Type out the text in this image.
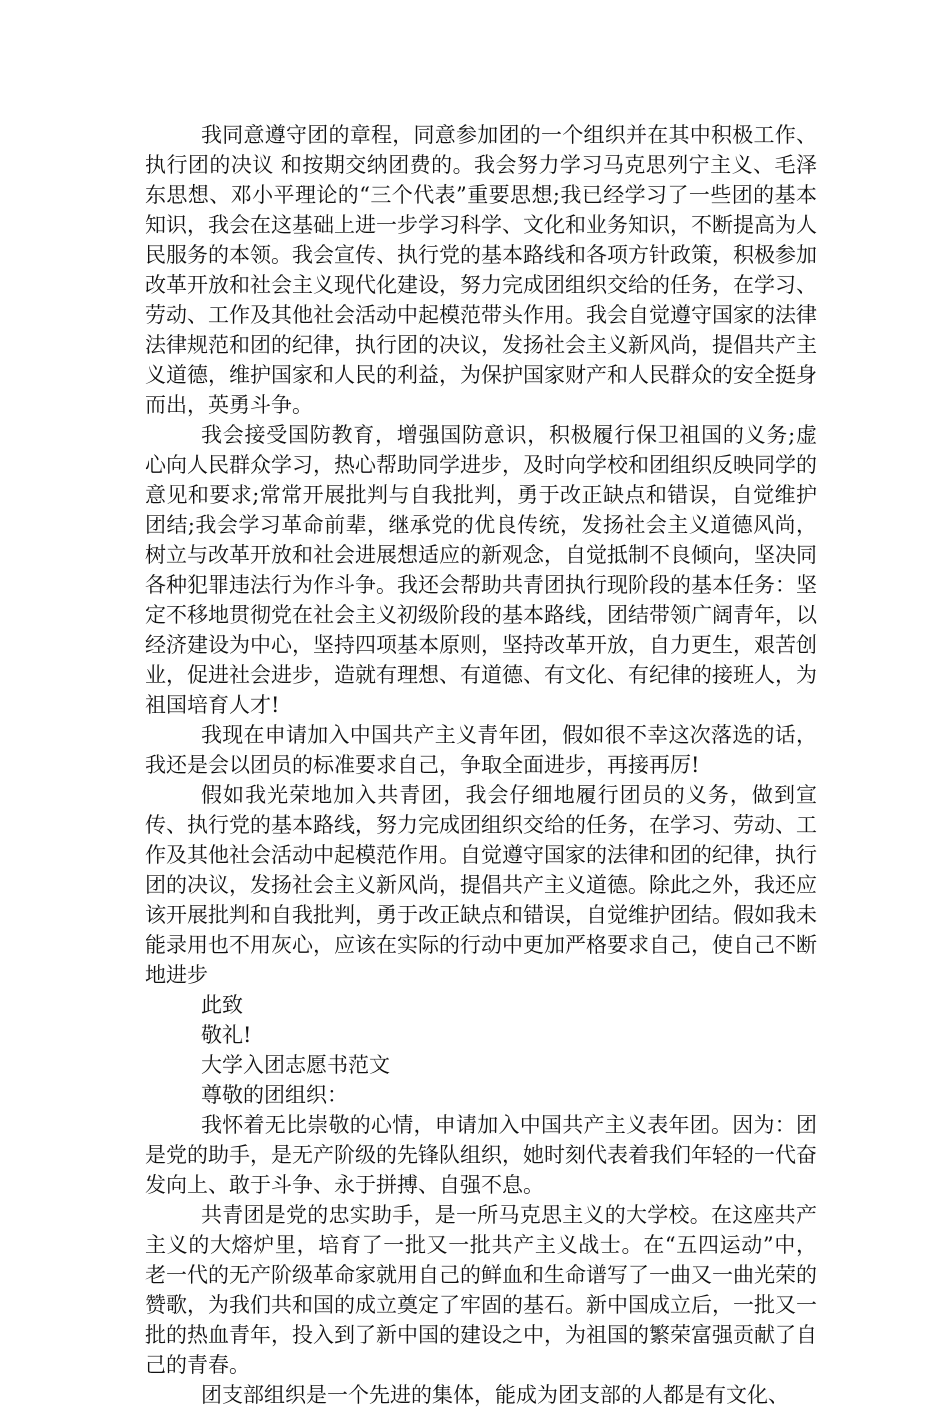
我同意遵守团的章程，同意参加团的一个组织并在其中积极工作、执行团的决议 和按期交纳团费的。我会努力学习马克思列宁主义、毛泽东思想、邓小平理论的“三个代表”重要思想;我已经学习了一些团的基本知识，我会在这基础上进一步学习科学、文化和业务知识，不断提高为人民服务的本领。我会宣传、执行党的基本路线和各项方针政策，积极参加改革开放和社会主义现代化建设，努力完成团组织交给的任务，在学习、劳动、工作及其他社会活动中起模范带头作用。我会自觉遵守国家的法律法律规范和团的纪律，执行团的决议，发扬社会主义新风尚，提倡共产主义道德，维护国家和人民的利益，为保护国家财产和人民群众的安全挺身而出，英勇斗争。

我会接受国防教育，增强国防意识，积极履行保卫祖国的义务;虚心向人民群众学习，热心帮助同学进步，及时向学校和团组织反映同学的意见和要求;常常开展批判与自我批判，勇于改正缺点和错误，自觉维护团结;我会学习革命前辈，继承党的优良传统，发扬社会主义道德风尚，树立与改革开放和社会进展想适应的新观念，自觉抵制不良倾向，坚决同各种犯罪违法行为作斗争。我还会帮助共青团执行现阶段的基本任务：坚定不移地贯彻党在社会主义初级阶段的基本路线，团结带领广阔青年，以经济建设为中心，坚持四项基本原则，坚持改革开放，自力更生，艰苦创业，促进社会进步，造就有理想、有道德、有文化、有纪律的接班人，为祖国培育人才!

我现在申请加入中国共产主义青年团，假如很不幸这次落选的话，我还是会以团员的标准要求自己，争取全面进步，再接再厉!

假如我光荣地加入共青团，我会仔细地履行团员的义务，做到宣传、执行党的基本路线，努力完成团组织交给的任务，在学习、劳动、工作及其他社会活动中起模范作用。自觉遵守国家的法律和团的纪律，执行团的决议，发扬社会主义新风尚，提倡共产主义道德。除此之外，我还应该开展批判和自我批判，勇于改正缺点和错误，自觉维护团结。假如我未能录用也不用灰心，应该在实际的行动中更加严格要求自己，使自己不断地进步

此致

敬礼!

大学入团志愿书范文

尊敬的团组织：

我怀着无比崇敬的心情，申请加入中国共产主义表年团。因为：团是党的助手，是无产阶级的先锋队组织，她时刻代表着我们年轻的一代奋发向上、敢于斗争、永于拼搏、自强不息。

共青团是党的忠实助手，是一所马克思主义的大学校。在这座共产主义的大熔炉里，培育了一批又一批共产主义战士。在“五四运动”中，老一代的无产阶级革命家就用自己的鲜血和生命谱写了一曲又一曲光荣的赞歌，为我们共和国的成立奠定了牢固的基石。新中国成立后，一批又一批的热血青年，投入到了新中国的建设之中，为祖国的繁荣富强贡献了自己的青春。

团支部组织是一个先进的集体，能成为团支部的人都是有文化、
